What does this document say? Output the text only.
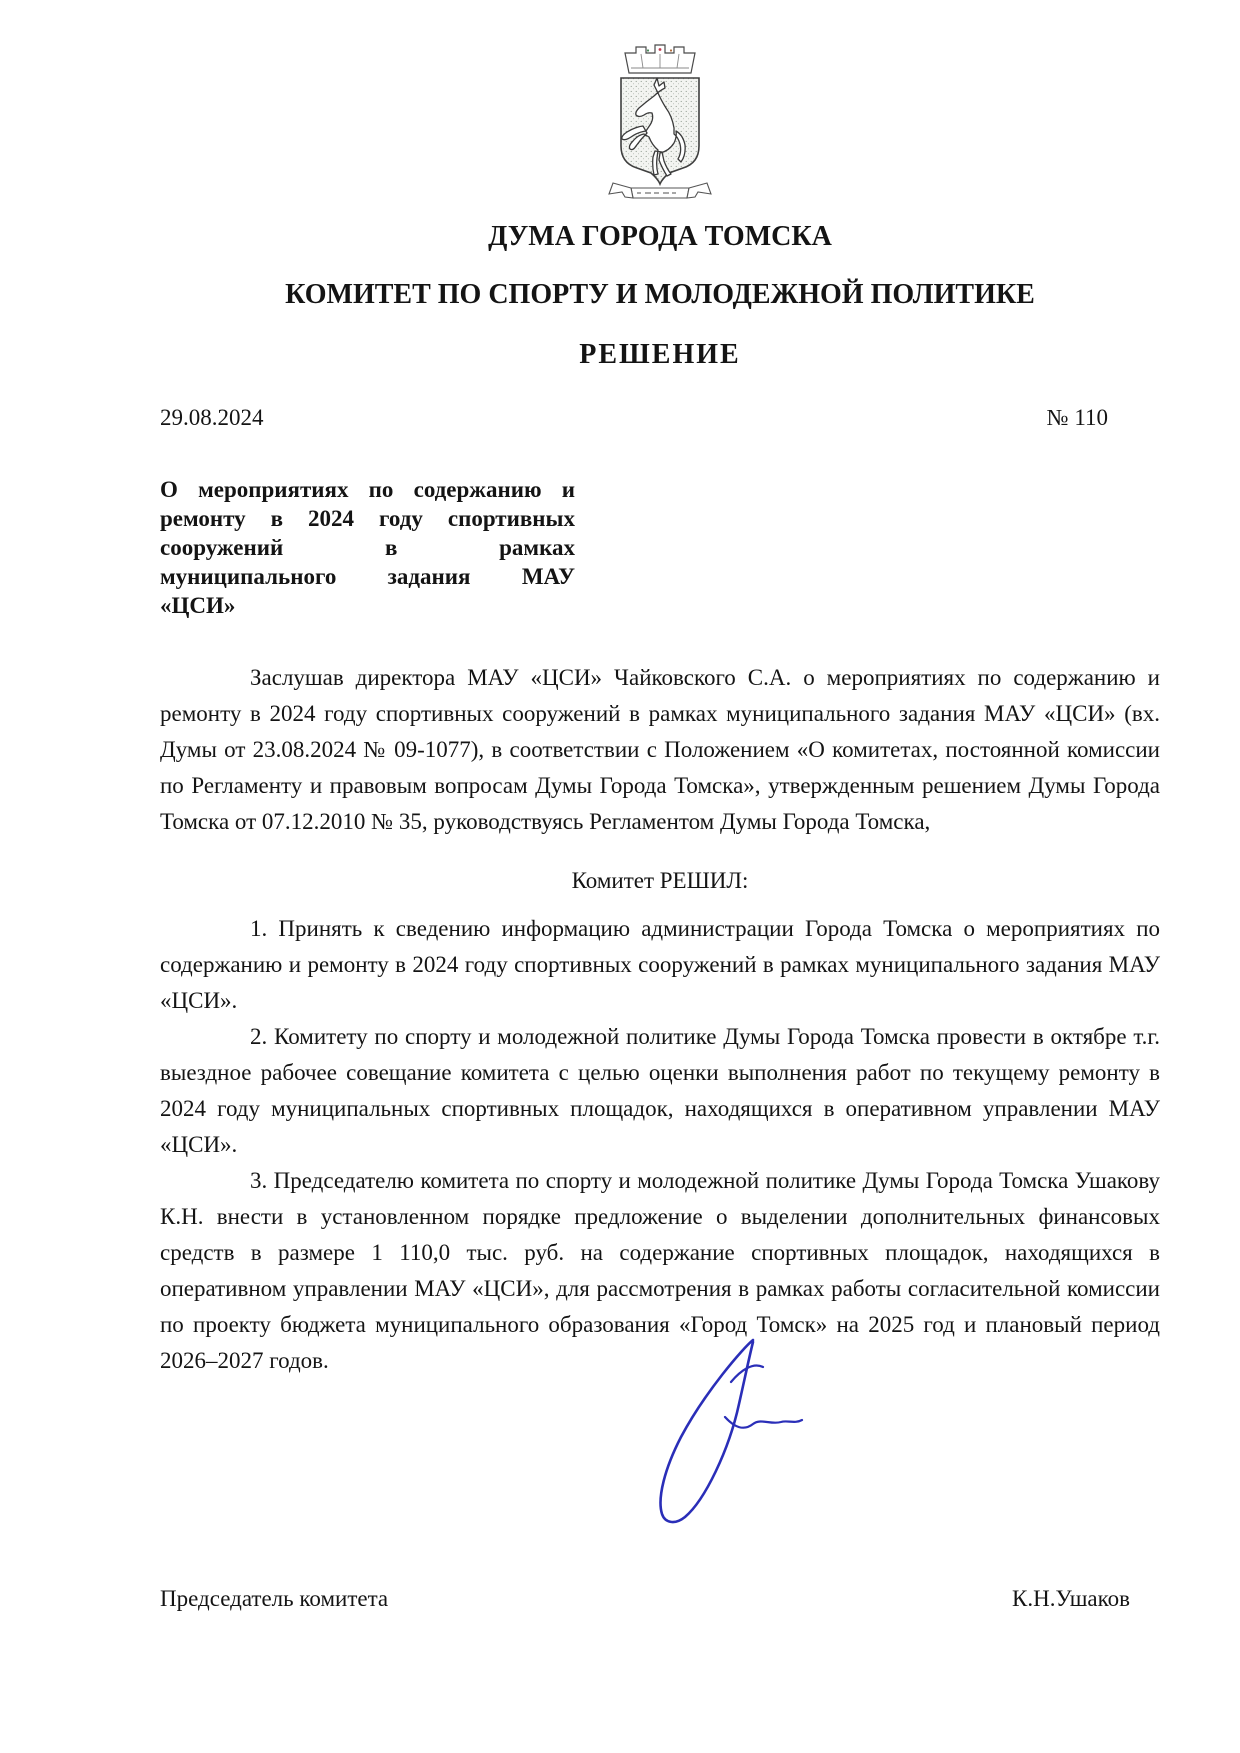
ДУМА ГОРОДА ТОМСКА
КОМИТЕТ ПО СПОРТУ И МОЛОДЕЖНОЙ ПОЛИТИКЕ
РЕШЕНИЕ
29.08.2024	№ 110
О мероприятиях по содержанию и
ремонту в 2024 году спортивных
сооружений в рамках
муниципального задания МАУ
«ЦСИ»

Заслушав директора МАУ «ЦСИ» Чайковского С.А. о мероприятиях по содержанию и ремонту в 2024 году спортивных сооружений в рамках муниципального задания МАУ «ЦСИ» (вх. Думы от 23.08.2024 № 09-1077), в соответствии с Положением «О комитетах, постоянной комиссии по Регламенту и правовым вопросам Думы Города Томска», утвержденным решением Думы Города Томска от 07.12.2010 № 35, руководствуясь Регламентом Думы Города Томска,

Комитет РЕШИЛ:

1. Принять к сведению информацию администрации Города Томска о мероприятиях по содержанию и ремонту в 2024 году спортивных сооружений в рамках муниципального задания МАУ «ЦСИ».

2. Комитету по спорту и молодежной политике Думы Города Томска провести в октябре т.г. выездное рабочее совещание комитета с целью оценки выполнения работ по текущему ремонту в 2024 году муниципальных спортивных площадок, находящихся в оперативном управлении МАУ «ЦСИ».

3. Председателю комитета по спорту и молодежной политике Думы Города Томска Ушакову К.Н. внести в установленном порядке предложение о выделении дополнительных финансовых средств в размере 1 110,0 тыс. руб. на содержание спортивных площадок, находящихся в оперативном управлении МАУ «ЦСИ», для рассмотрения в рамках работы согласительной комиссии по проекту бюджета муниципального образования «Город Томск» на 2025 год и плановый период 2026–2027 годов.

Председатель комитета	К.Н.Ушаков
